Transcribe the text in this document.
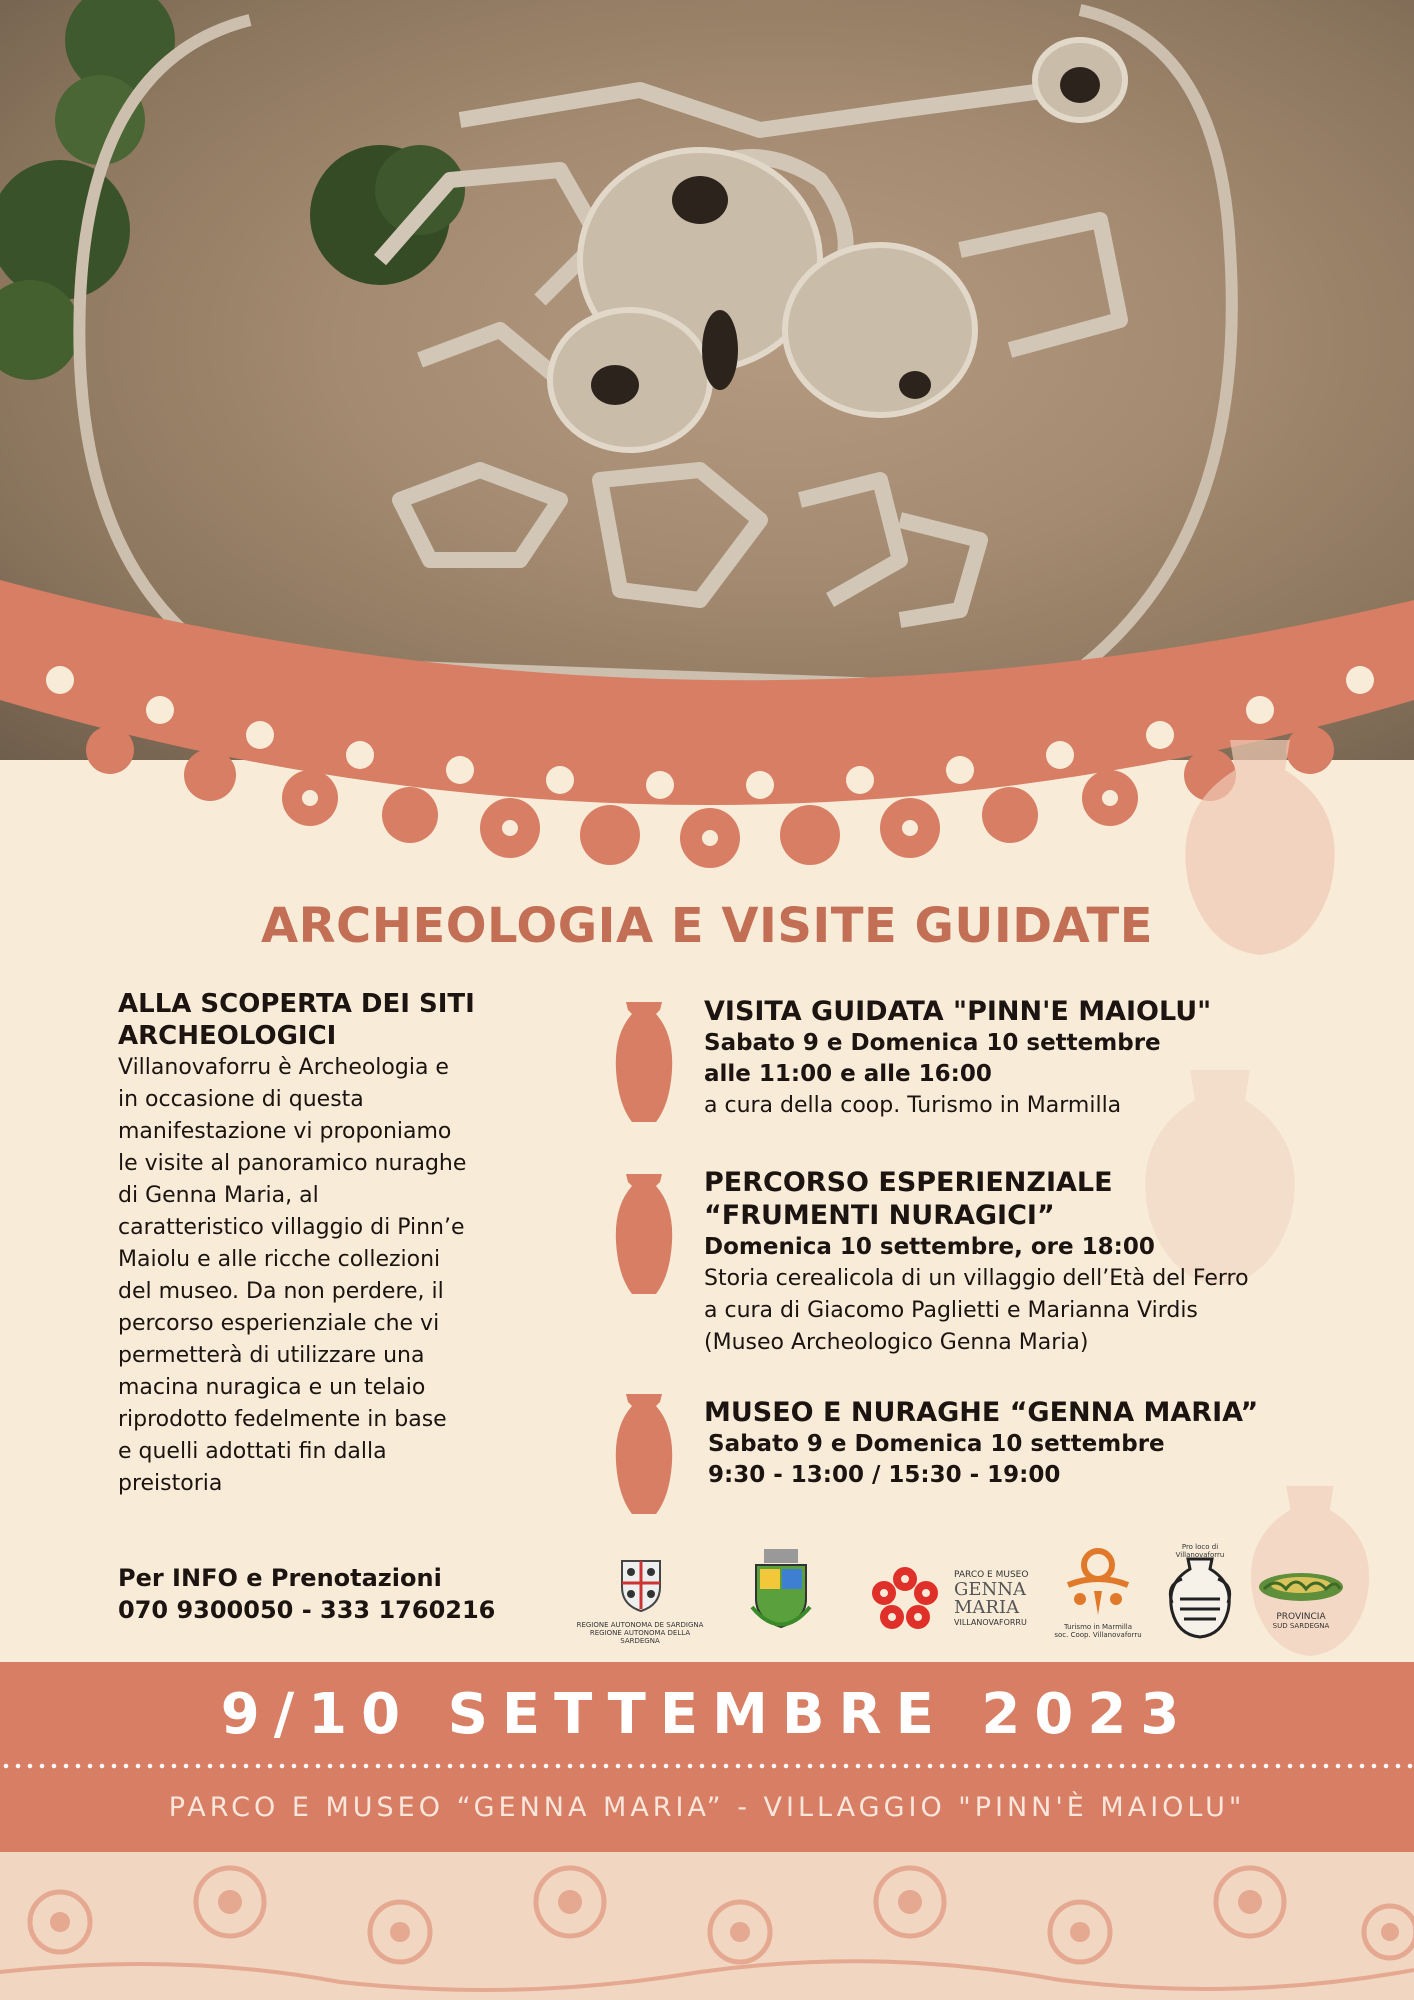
ARCHEOLOGIA E VISITE GUIDATE
ALLA SCOPERTA DEI SITI ARCHEOLOGICI
Villanovaforru è Archeologia e
in occasione di questa
manifestazione vi proponiamo
le visite al panoramico nuraghe
di Genna Maria, al
caratteristico villaggio di Pinn’e
Maiolu e alle ricche collezioni
del museo. Da non perdere, il
percorso esperienziale che vi
permetterà di utilizzare una
macina nuragica e un telaio
riprodotto fedelmente in base
e quelli adottati fin dalla
preistoria
VISITA GUIDATA "PINN'E MAIOLU"
Sabato 9 e Domenica 10 settembre
alle 11:00 e alle 16:00
a cura della coop. Turismo in Marmilla
PERCORSO ESPERIENZIALE
“FRUMENTI NURAGICI”
Domenica 10 settembre, ore 18:00
Storia cerealicola di un villaggio dell’Età del Ferro
a cura di Giacomo Paglietti e Marianna Virdis
(Museo Archeologico Genna Maria)
MUSEO E NURAGHE “GENNA MARIA”
Sabato 9 e Domenica 10 settembre
9:30 - 13:00 / 15:30 - 19:00
Per INFO e Prenotazioni
070 9300050 - 333 1760216
REGIONE AUTONOMA DE SARDIGNA
REGIONE AUTONOMA DELLA SARDEGNA
PARCO E MUSEO
GENNA
MARIA
VILLANOVAFORRU	Turismo in Marmilla
soc. Coop. Villanovaforru
Pro loco di Villanovaforru
PROVINCIA
SUD SARDEGNA
9/10 SETTEMBRE 2023
PARCO E MUSEO “GENNA MARIA” - VILLAGGIO "PINN'È MAIOLU"
